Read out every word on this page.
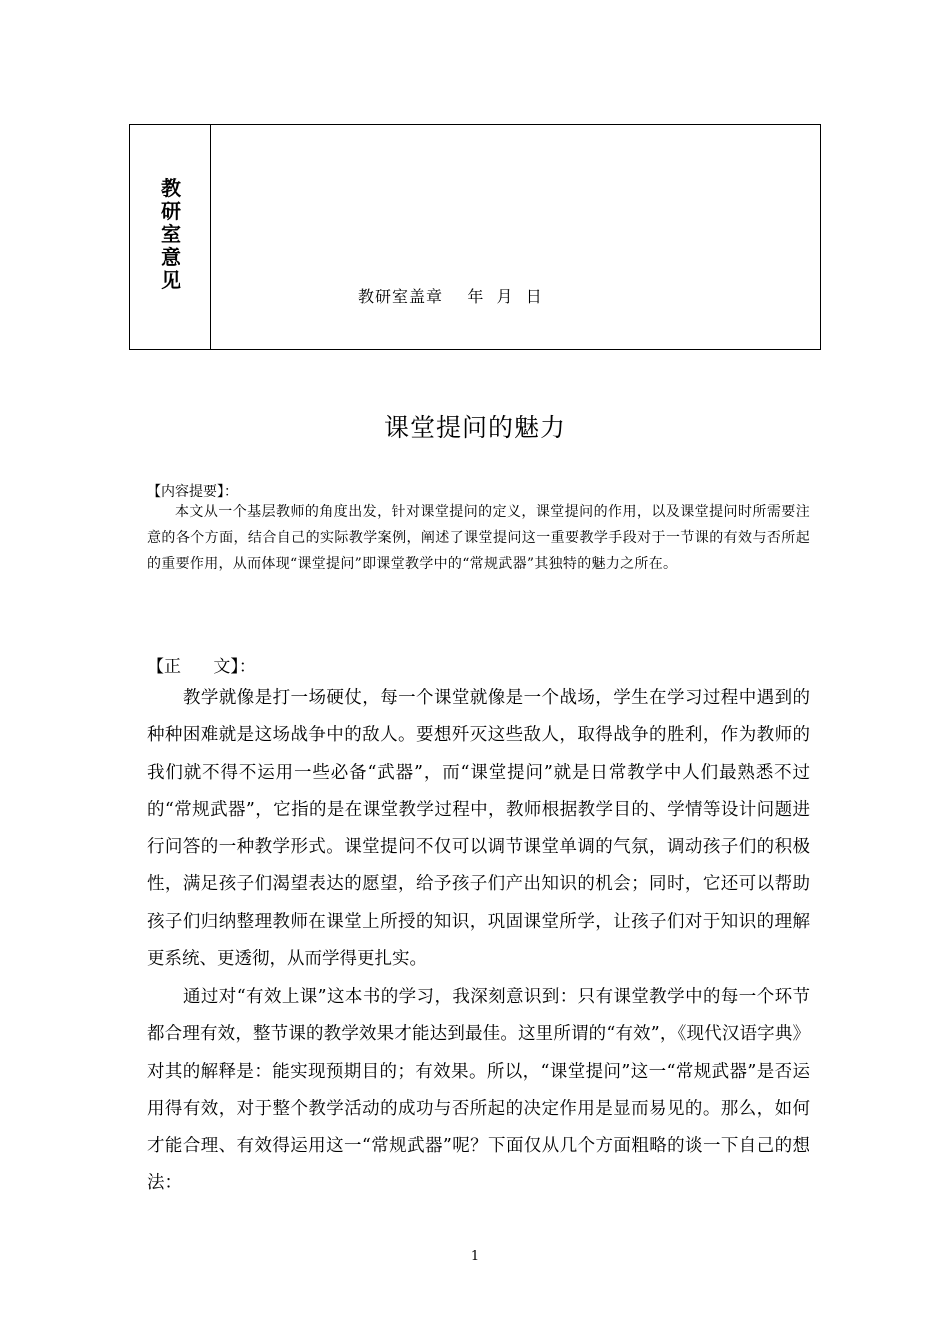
教研室意见
教研室盖章    年  月  日
课堂提问的魅力
【内容提要】：
本文从一个基层教师的角度出发，针对课堂提问的定义，课堂提问的作用，以及课堂提问时所需要注意的各个方面，结合自己的实际教学案例，阐述了课堂提问这一重要教学手段对于一节课的有效与否所起的重要作用，从而体现“课堂提问”即课堂教学中的“常规武器”其独特的魅力之所在。
【正      文】：
教学就像是打一场硬仗，每一个课堂就像是一个战场，学生在学习过程中遇到的种种困难就是这场战争中的敌人。要想歼灭这些敌人，取得战争的胜利，作为教师的我们就不得不运用一些必备“武器”，而“课堂提问”就是日常教学中人们最熟悉不过的“常规武器”，它指的是在课堂教学过程中，教师根据教学目的、学情等设计问题进行问答的一种教学形式。课堂提问不仅可以调节课堂单调的气氛，调动孩子们的积极性，满足孩子们渴望表达的愿望，给予孩子们产出知识的机会；同时，它还可以帮助孩子们归纳整理教师在课堂上所授的知识，巩固课堂所学，让孩子们对于知识的理解更系统、更透彻，从而学得更扎实。
通过对“有效上课”这本书的学习，我深刻意识到：只有课堂教学中的每一个环节都合理有效，整节课的教学效果才能达到最佳。这里所谓的“有效”，《现代汉语字典》对其的解释是：能实现预期目的；有效果。所以，“课堂提问”这一“常规武器”是否运用得有效，对于整个教学活动的成功与否所起的决定作用是显而易见的。那么，如何才能合理、有效得运用这一“常规武器”呢？下面仅从几个方面粗略的谈一下自己的想法：
1
